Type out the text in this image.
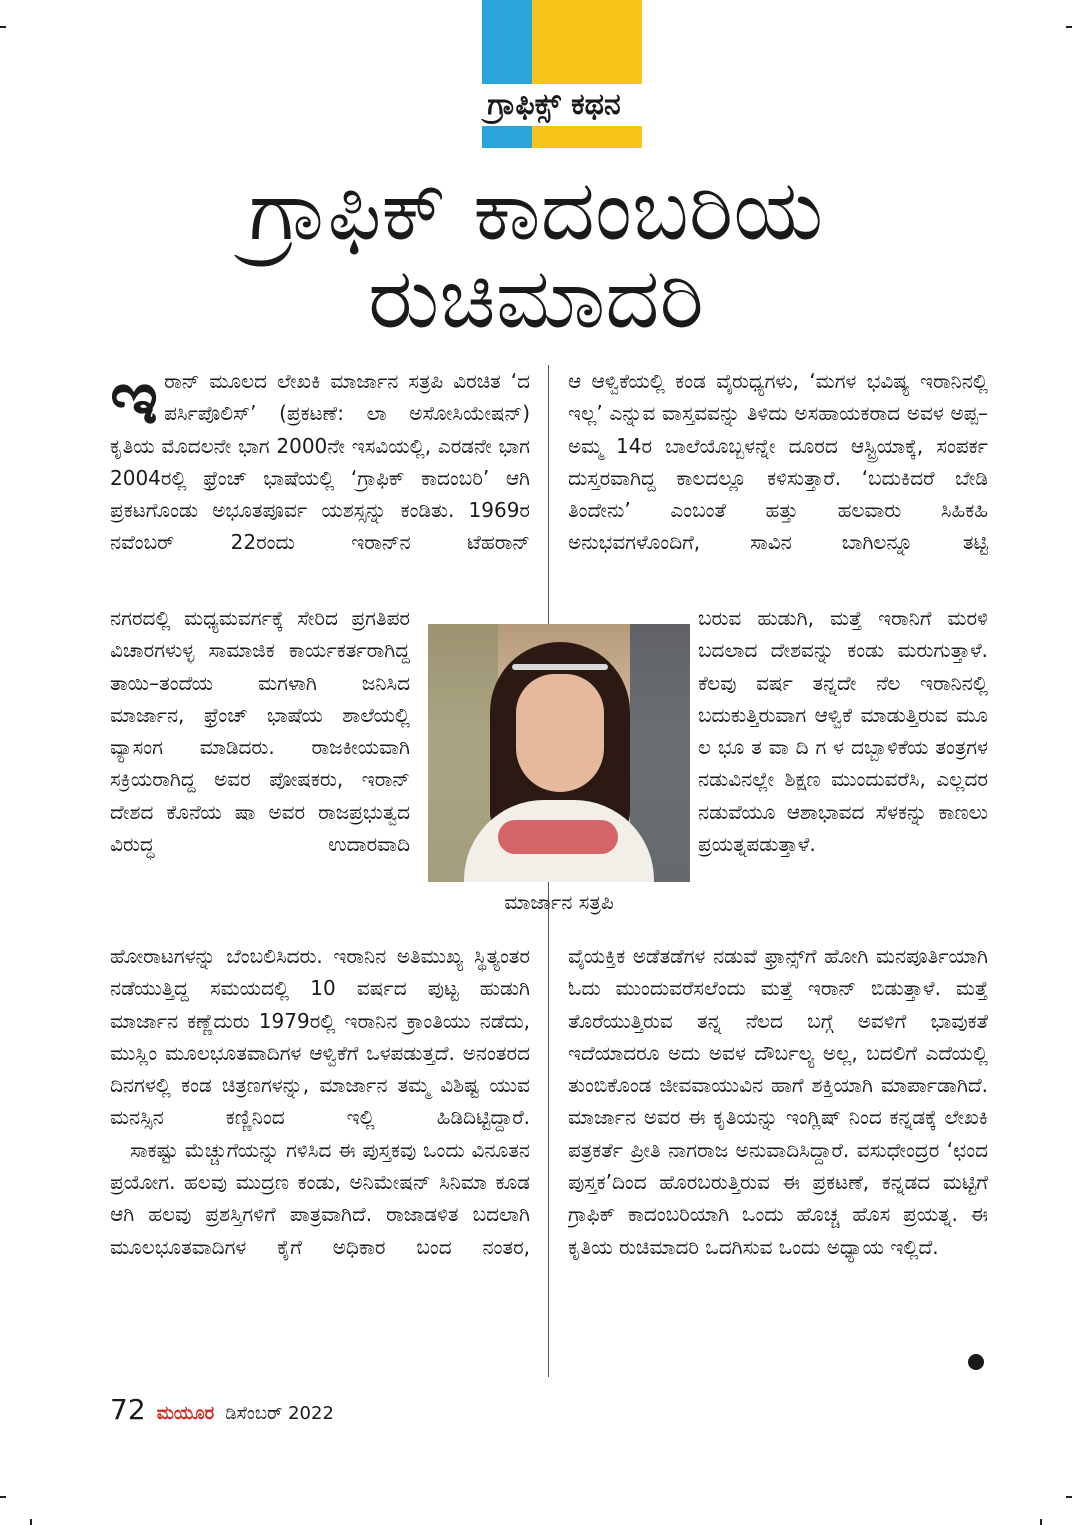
ಗ್ರಾಫಿಕ್ಸ್ ಕಥನ
ಗ್ರಾಫಿಕ್ ಕಾದಂಬರಿಯ
ರುಚಿಮಾದರಿ
ಇ ರಾನ್ ಮೂಲದ ಲೇಖಕಿ ಮಾರ್ಜಾನ ಸತ್ರಪಿ ವಿರಚಿತ ‘ದ ಪರ್ಸಿಪೊಲಿಸ್’ (ಪ್ರಕಟಣೆ: ಲಾ ಅಸೋಸಿಯೇಷನ್) ಕೃತಿಯ ಮೊದಲನೇ ಭಾಗ 2000ನೇ ಇಸವಿಯಲ್ಲಿ, ಎರಡನೇ ಭಾಗ 2004ರಲ್ಲಿ ಫ್ರೆಂಚ್ ಭಾಷೆಯಲ್ಲಿ ‘ಗ್ರಾಫಿಕ್ ಕಾದಂಬರಿ’ ಆಗಿ ಪ್ರಕಟಗೊಂಡು ಅಭೂತಪೂರ್ವ ಯಶಸ್ಸನ್ನು ಕಂಡಿತು. 1969ರ ನವೆಂಬರ್ 22ರಂದು ಇರಾನ್‌ನ ಟೆಹರಾನ್
ನಗರದಲ್ಲಿ ಮಧ್ಯಮವರ್ಗಕ್ಕೆ ಸೇರಿದ ಪ್ರಗತಿಪರ ವಿಚಾರಗಳುಳ್ಳ ಸಾಮಾಜಿಕ ಕಾರ್ಯಕರ್ತರಾಗಿದ್ದ ತಾಯಿ–ತಂದೆಯ ಮಗಳಾಗಿ ಜನಿಸಿದ ಮಾರ್ಜಾನ, ಫ್ರೆಂಚ್ ಭಾಷೆಯ ಶಾಲೆಯಲ್ಲಿ ವ್ಯಾಸಂಗ ಮಾಡಿದರು. ರಾಜಕೀಯವಾಗಿ ಸಕ್ರಿಯರಾಗಿದ್ದ ಅವರ ಪೋಷಕರು, ಇರಾನ್ ದೇಶದ ಕೊನೆಯ ಷಾ ಅವರ ರಾಜಪ್ರಭುತ್ವದ ವಿರುದ್ಧ ಉದಾರವಾದಿ
ಹೋರಾಟಗಳನ್ನು ಬೆಂಬಲಿಸಿದರು. ಇರಾನಿನ ಅತಿಮುಖ್ಯ ಸ್ಥಿತ್ಯಂತರ ನಡೆಯುತ್ತಿದ್ದ ಸಮಯದಲ್ಲಿ 10 ವರ್ಷದ ಪುಟ್ಟ ಹುಡುಗಿ ಮಾರ್ಜಾನ ಕಣ್ಣೆದುರು 1979ರಲ್ಲಿ ಇರಾನಿನ ಕ್ರಾಂತಿಯು ನಡೆದು, ಮುಸ್ಲಿಂ ಮೂಲಭೂತವಾದಿಗಳ ಆಳ್ವಿಕೆಗೆ ಒಳಪಡುತ್ತದೆ. ಅನಂತರದ ದಿನಗಳಲ್ಲಿ ಕಂಡ ಚಿತ್ರಣಗಳನ್ನು, ಮಾರ್ಜಾನ ತಮ್ಮ ವಿಶಿಷ್ಟ ಯುವ ಮನಸ್ಸಿನ ಕಣ್ಣಿನಿಂದ ಇಲ್ಲಿ ಹಿಡಿದಿಟ್ಟಿದ್ದಾರೆ.
ಸಾಕಷ್ಟು ಮೆಚ್ಚುಗೆಯನ್ನು ಗಳಿಸಿದ ಈ ಪುಸ್ತಕವು ಒಂದು ವಿನೂತನ ಪ್ರಯೋಗ. ಹಲವು ಮುದ್ರಣ ಕಂಡು, ಅನಿಮೇಷನ್ ಸಿನಿಮಾ ಕೂಡ ಆಗಿ ಹಲವು ಪ್ರಶಸ್ತಿಗಳಿಗೆ ಪಾತ್ರವಾಗಿದೆ. ರಾಜಾಡಳಿತ ಬದಲಾಗಿ ಮೂಲಭೂತವಾದಿಗಳ ಕೈಗೆ ಅಧಿಕಾರ ಬಂದ ನಂತರ,
ಮಾರ್ಜಾನ ಸತ್ರಪಿ
ಆ ಆಳ್ವಿಕೆಯಲ್ಲಿ ಕಂಡ ವೈರುಧ್ಯಗಳು, ‘ಮಗಳ ಭವಿಷ್ಯ ಇರಾನಿನಲ್ಲಿ ಇಲ್ಲ’ ಎನ್ನುವ ವಾಸ್ತವವನ್ನು ತಿಳಿದು ಅಸಹಾಯಕರಾದ ಅವಳ ಅಪ್ಪ–ಅಮ್ಮ 14ರ ಬಾಲೆಯೊಬ್ಬಳನ್ನೇ ದೂರದ ಆಸ್ಟ್ರಿಯಾಕ್ಕೆ, ಸಂಪರ್ಕ ದುಸ್ತರವಾಗಿದ್ದ ಕಾಲದಲ್ಲೂ ಕಳಿಸುತ್ತಾರೆ. ‘ಬದುಕಿದರೆ ಬೇಡಿ ತಿಂದೇನು’ ಎಂಬಂತೆ ಹತ್ತು ಹಲವಾರು ಸಿಹಿಕಹಿ ಅನುಭವಗಳೊಂದಿಗೆ, ಸಾವಿನ ಬಾಗಿಲನ್ನೂ ತಟ್ಟಿ
ಬರುವ ಹುಡುಗಿ, ಮತ್ತೆ ಇರಾನಿಗೆ ಮರಳಿ ಬದಲಾದ ದೇಶವನ್ನು ಕಂಡು ಮರುಗುತ್ತಾಳೆ. ಕೆಲವು ವರ್ಷ ತನ್ನದೇ ನೆಲ ಇರಾನಿನಲ್ಲಿ ಬದುಕುತ್ತಿರುವಾಗ ಆಳ್ವಿಕೆ ಮಾಡುತ್ತಿರುವ ಮೂ ಲ ಭೂ ತ ವಾ ದಿ ಗ ಳ ದಬ್ಬಾಳಿಕೆಯ ತಂತ್ರಗಳ ನಡುವಿನಲ್ಲೇ ಶಿಕ್ಷಣ ಮುಂದುವರೆಸಿ, ಎಲ್ಲದರ ನಡುವೆಯೂ ಆಶಾಭಾವದ ಸೆಳಕನ್ನು ಕಾಣಲು ಪ್ರಯತ್ನಪಡುತ್ತಾಳೆ.
ವೈಯಕ್ತಿಕ ಅಡೆತಡೆಗಳ ನಡುವೆ ಫ್ರಾನ್ಸ್‌ಗೆ ಹೋಗಿ ಮನಪೂರ್ತಿಯಾಗಿ ಓದು ಮುಂದುವರೆಸಲೆಂದು ಮತ್ತೆ ಇರಾನ್ ಬಿಡುತ್ತಾಳೆ. ಮತ್ತೆ ತೊರೆಯುತ್ತಿರುವ ತನ್ನ ನೆಲದ ಬಗ್ಗೆ ಅವಳಿಗೆ ಭಾವುಕತೆ ಇದೆಯಾದರೂ ಅದು ಅವಳ ದೌರ್ಬಲ್ಯ ಅಲ್ಲ, ಬದಲಿಗೆ ಎದೆಯಲ್ಲಿ ತುಂಬಿಕೊಂಡ ಜೀವವಾಯುವಿನ ಹಾಗೆ ಶಕ್ತಿಯಾಗಿ ಮಾರ್ಪಾಡಾಗಿದೆ. ಮಾರ್ಜಾನ ಅವರ ಈ ಕೃತಿಯನ್ನು ಇಂಗ್ಲಿಷ್ ನಿಂದ ಕನ್ನಡಕ್ಕೆ ಲೇಖಕಿ ಪತ್ರಕರ್ತೆ ಪ್ರೀತಿ ನಾಗರಾಜ ಅನುವಾದಿಸಿದ್ದಾರೆ. ವಸುಧೇಂದ್ರರ ‘ಛಂದ ಪುಸ್ತಕ’ದಿಂದ ಹೊರಬರುತ್ತಿರುವ ಈ ಪ್ರಕಟಣೆ, ಕನ್ನಡದ ಮಟ್ಟಿಗೆ ಗ್ರಾಫಿಕ್ ಕಾದಂಬರಿಯಾಗಿ ಒಂದು ಹೊಚ್ಚ ಹೊಸ ಪ್ರಯತ್ನ. ಈ ಕೃತಿಯ ರುಚಿಮಾದರಿ ಒದಗಿಸುವ ಒಂದು ಅಧ್ಯಾಯ ಇಲ್ಲಿದೆ.
72 ಮಯೂರ ಡಿಸೆಂಬರ್ 2022
